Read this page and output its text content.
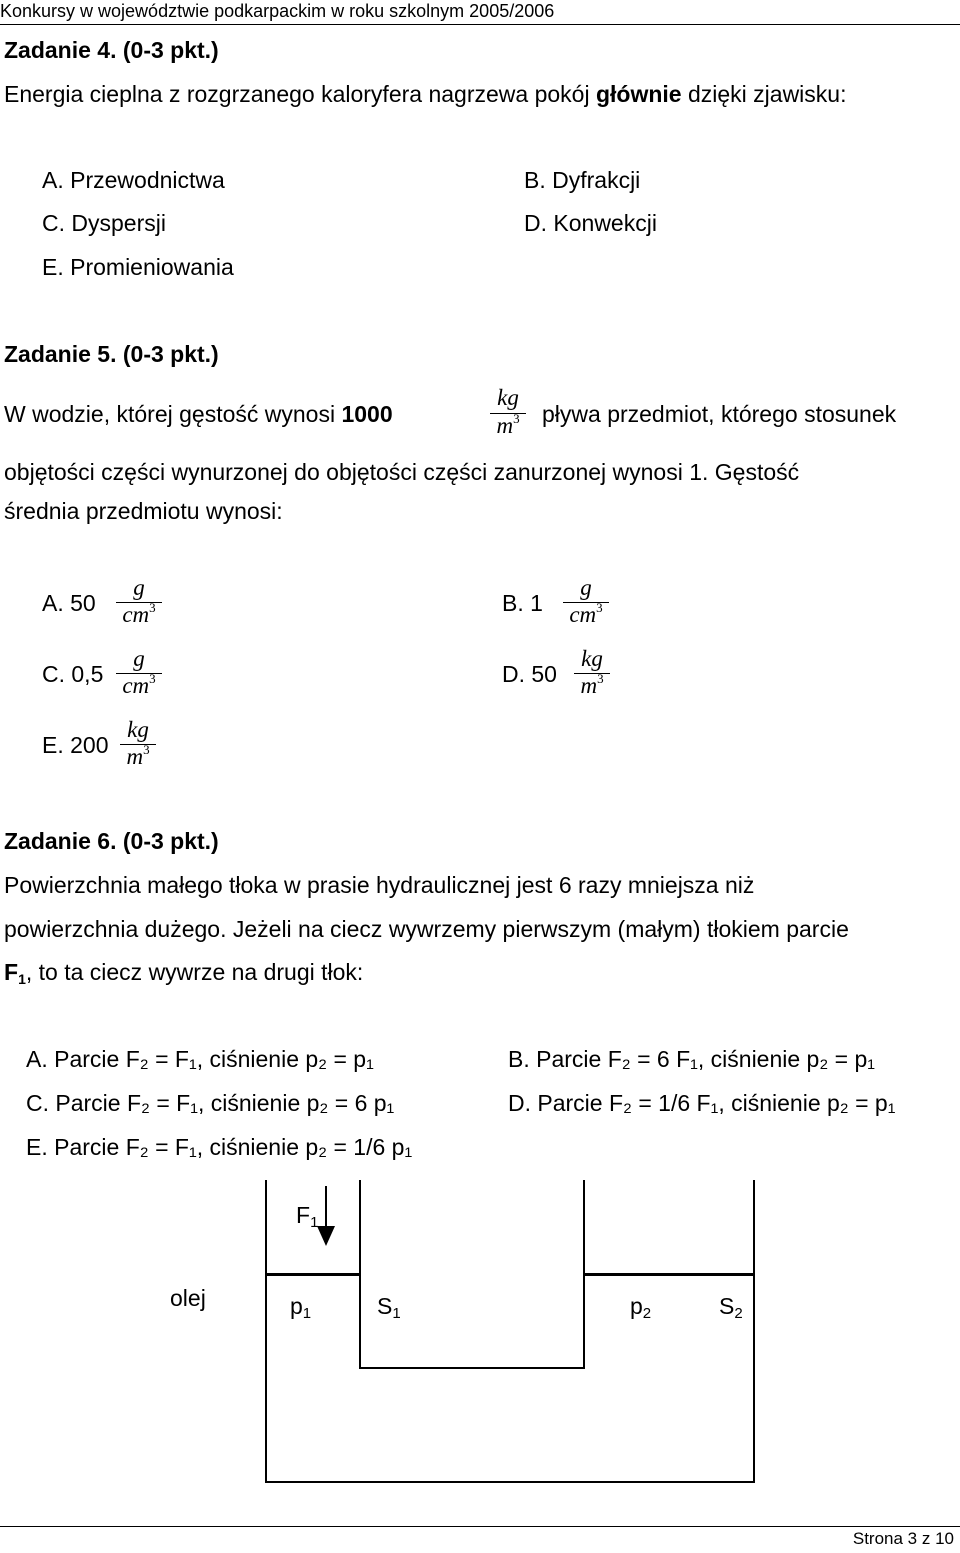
Konkursy w województwie podkarpackim w roku szkolnym 2005/2006
Zadanie 4. (0-3 pkt.)
Energia cieplna z rozgrzanego kaloryfera nagrzewa pokój głównie dzięki zjawisku:
A. Przewodnictwa	B. Dyfrakcji
C. Dyspersji	D. Konwekcji
E. Promieniowania
Zadanie 5. (0-3 pkt.)
W wodzie, której gęstość wynosi 1000
kg
$m^3$ pływa przedmiot, którego stosunek
objętości części wynurzonej do objętości części zanurzonej wynosi 1. Gęstość
średnia przedmiotu wynosi:
A. 50
g
$cm^3$	B. 1
g
$cm^3$
C. 0,5
g
$cm^3$	D. 50
kg
$m^3$
E. 200
kg
$m^3$
Zadanie 6. (0-3 pkt.)
Powierzchnia małego tłoka w prasie hydraulicznej jest 6 razy mniejsza niż
powierzchnia dużego. Jeżeli na ciecz wywrzemy pierwszym (małym) tłokiem parcie
$F_1$, to ta ciecz wywrze na drugi tłok:
A. Parcie F₂ = F₁, ciśnienie p₂ = p₁	B. Parcie F₂ = 6 F₁, ciśnienie p₂ = p₁
C. Parcie F₂ = F₁, ciśnienie p₂ = 6 p₁	D. Parcie F₂ = 1/6 F₁, ciśnienie p₂ = p₁
E. Parcie F₂ = F₁, ciśnienie p₂ = 1/6 p₁
F1
olej	p1	S1	p2	S2
Strona 3 z 10
